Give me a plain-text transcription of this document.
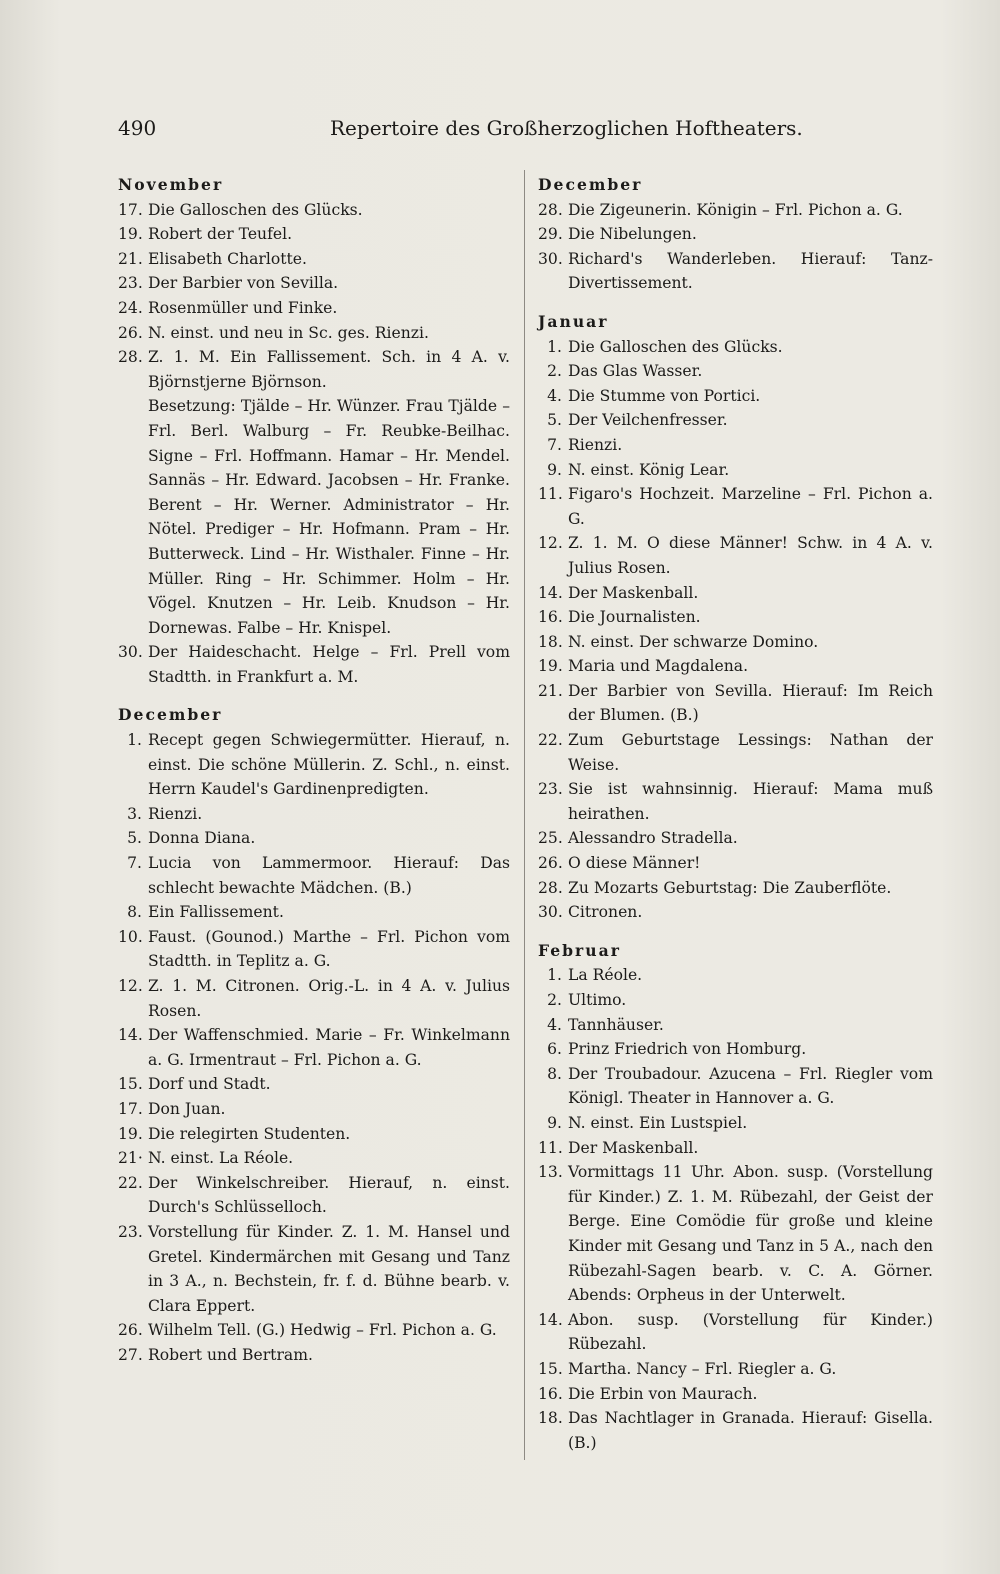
490	Repertoire des Großherzoglichen Hoftheaters.
November
17. Die Galloschen des Glücks.
19. Robert der Teufel.
21. Elisabeth Charlotte.
23. Der Barbier von Sevilla.
24. Rosenmüller und Finke.
26. N. einst. und neu in Sc. ges. Rienzi.
28. Z. 1. M. Ein Fallissement. Sch. in 4 A. v. Björnstjerne Björnson.
Besetzung: Tjälde – Hr. Wünzer. Frau Tjälde – Frl. Berl. Walburg – Fr. Reubke-Beilhac. Signe – Frl. Hoffmann. Hamar – Hr. Mendel. Sannäs – Hr. Edward. Jacobsen – Hr. Franke. Berent – Hr. Werner. Administrator – Hr. Nötel. Prediger – Hr. Hofmann. Pram – Hr. Butterweck. Lind – Hr. Wisthaler. Finne – Hr. Müller. Ring – Hr. Schimmer. Holm – Hr. Vögel. Knutzen – Hr. Leib. Knudson – Hr. Dornewas. Falbe – Hr. Knispel.
30. Der Haideschacht. Helge – Frl. Prell vom Stadtth. in Frankfurt a. M.
December
1. Recept gegen Schwiegermütter. Hierauf, n. einst. Die schöne Müllerin. Z. Schl., n. einst. Herrn Kaudel's Gardinenpredigten.
3. Rienzi.
5. Donna Diana.
7. Lucia von Lammermoor. Hierauf: Das schlecht bewachte Mädchen. (B.)
8. Ein Fallissement.
10. Faust. (Gounod.) Marthe – Frl. Pichon vom Stadtth. in Teplitz a. G.
12. Z. 1. M. Citronen. Orig.-L. in 4 A. v. Julius Rosen.
14. Der Waffenschmied. Marie – Fr. Winkelmann a. G. Irmentraut – Frl. Pichon a. G.
15. Dorf und Stadt.
17. Don Juan.
19. Die relegirten Studenten.
21· N. einst. La Réole.
22. Der Winkelschreiber. Hierauf, n. einst. Durch's Schlüsselloch.
23. Vorstellung für Kinder. Z. 1. M. Hansel und Gretel. Kindermärchen mit Gesang und Tanz in 3 A., n. Bechstein, fr. f. d. Bühne bearb. v. Clara Eppert.
26. Wilhelm Tell. (G.) Hedwig – Frl. Pichon a. G.
27. Robert und Bertram.
December
28. Die Zigeunerin. Königin – Frl. Pichon a. G.
29. Die Nibelungen.
30. Richard's Wanderleben. Hierauf: Tanz-Divertissement.
Januar
1. Die Galloschen des Glücks.
2. Das Glas Wasser.
4. Die Stumme von Portici.
5. Der Veilchenfresser.
7. Rienzi.
9. N. einst. König Lear.
11. Figaro's Hochzeit. Marzeline – Frl. Pichon a. G.
12. Z. 1. M. O diese Männer! Schw. in 4 A. v. Julius Rosen.
14. Der Maskenball.
16. Die Journalisten.
18. N. einst. Der schwarze Domino.
19. Maria und Magdalena.
21. Der Barbier von Sevilla. Hierauf: Im Reich der Blumen. (B.)
22. Zum Geburtstage Lessings: Nathan der Weise.
23. Sie ist wahnsinnig. Hierauf: Mama muß heirathen.
25. Alessandro Stradella.
26. O diese Männer!
28. Zu Mozarts Geburtstag: Die Zauberflöte.
30. Citronen.
Februar
1. La Réole.
2. Ultimo.
4. Tannhäuser.
6. Prinz Friedrich von Homburg.
8. Der Troubadour. Azucena – Frl. Riegler vom Königl. Theater in Hannover a. G.
9. N. einst. Ein Lustspiel.
11. Der Maskenball.
13. Vormittags 11 Uhr. Abon. susp. (Vorstellung für Kinder.) Z. 1. M. Rübezahl, der Geist der Berge. Eine Comödie für große und kleine Kinder mit Gesang und Tanz in 5 A., nach den Rübezahl-Sagen bearb. v. C. A. Görner. Abends: Orpheus in der Unterwelt.
14. Abon. susp. (Vorstellung für Kinder.) Rübezahl.
15. Martha. Nancy – Frl. Riegler a. G.
16. Die Erbin von Maurach.
18. Das Nachtlager in Granada. Hierauf: Gisella. (B.)
